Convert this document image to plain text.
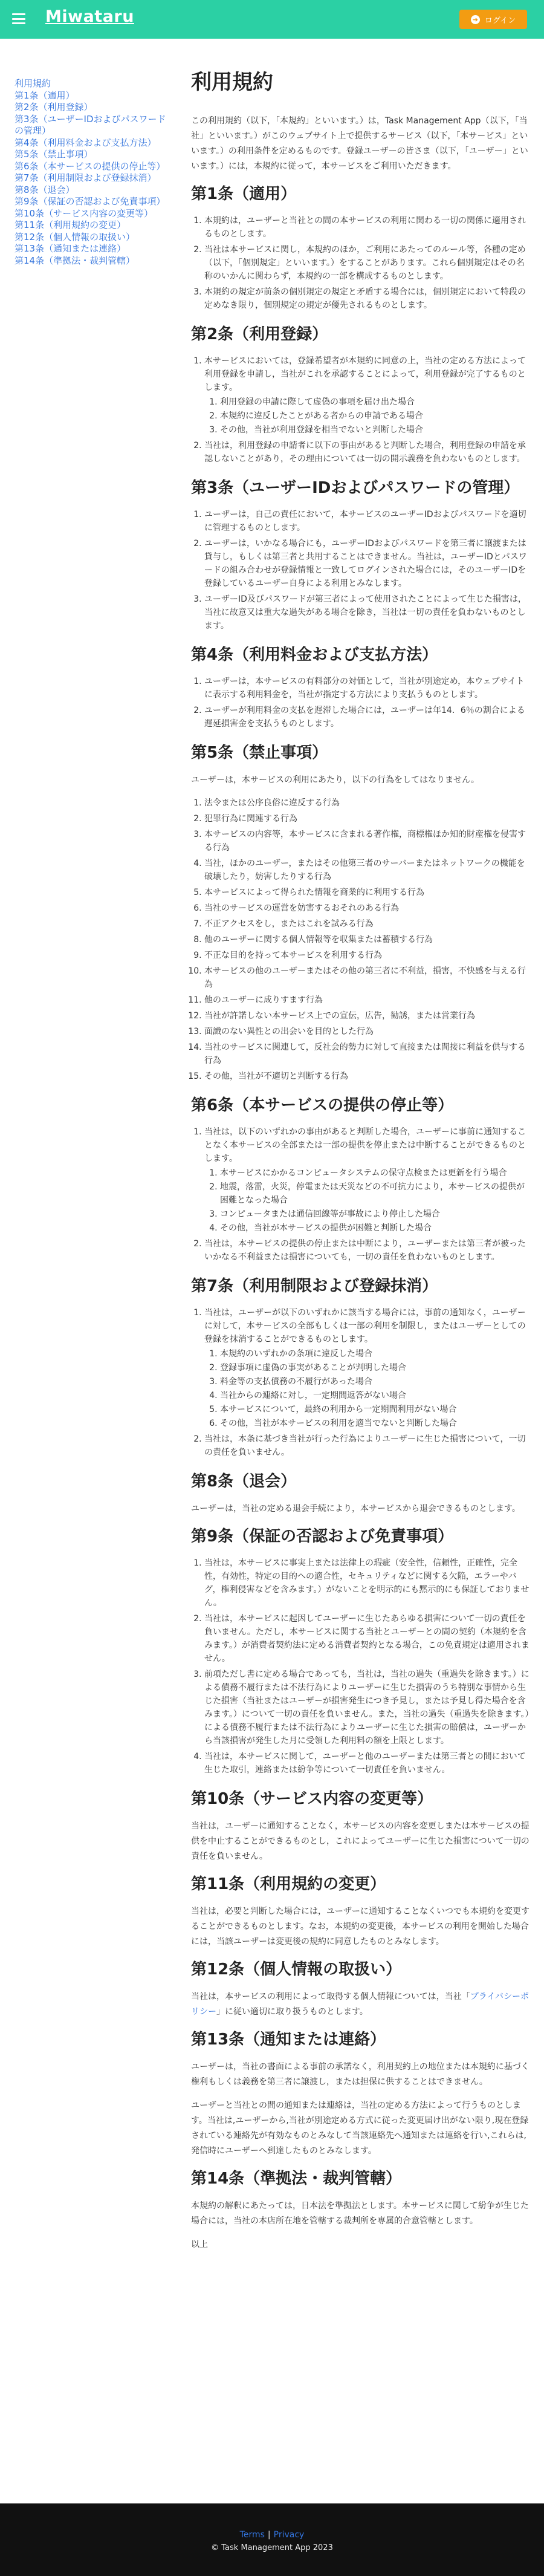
Miwataru	➜ ログイン
利用規約
第1条（適用）
第2条（利用登録）
第3条（ユーザーIDおよびパスワードの管理）
第4条（利用料金および支払方法）
第5条（禁止事項）
第6条（本サービスの提供の停止等）
第7条（利用制限および登録抹消）
第8条（退会）
第9条（保証の否認および免責事項）
第10条（サービス内容の変更等）
第11条（利用規約の変更）
第12条（個人情報の取扱い）
第13条（通知または連絡）
第14条（準拠法・裁判管轄）
利用規約

この利用規約（以下，「本規約」といいます。）は，Task Management App（以下，「当社」といいます。）がこのウェブサイト上で提供するサービス（以下，「本サービス」といいます。）の利用条件を定めるものです。登録ユーザーの皆さま（以下，「ユーザー」といいます。）には，本規約に従って，本サービスをご利用いただきます。

第1条（適用）
1. 本規約は，ユーザーと当社との間の本サービスの利用に関わる一切の関係に適用されるものとします。
2. 当社は本サービスに関し，本規約のほか，ご利用にあたってのルール等，各種の定め（以下，「個別規定」といいます。）をすることがあります。これら個別規定はその名称のいかんに関わらず，本規約の一部を構成するものとします。
3. 本規約の規定が前条の個別規定の規定と矛盾する場合には，個別規定において特段の定めなき限り，個別規定の規定が優先されるものとします。
第2条（利用登録）
1. 本サービスにおいては，登録希望者が本規約に同意の上，当社の定める方法によって利用登録を申請し，当社がこれを承認することによって，利用登録が完了するものとします。
1. 利用登録の申請に際して虚偽の事項を届け出た場合
2. 本規約に違反したことがある者からの申請である場合
3. その他，当社が利用登録を相当でないと判断した場合
2. 当社は，利用登録の申請者に以下の事由があると判断した場合，利用登録の申請を承認しないことがあり，その理由については一切の開示義務を負わないものとします。
第3条（ユーザーIDおよびパスワードの管理）
1. ユーザーは，自己の責任において，本サービスのユーザーIDおよびパスワードを適切に管理するものとします。
2. ユーザーは，いかなる場合にも，ユーザーIDおよびパスワードを第三者に譲渡または貸与し，もしくは第三者と共用することはできません。当社は，ユーザーIDとパスワードの組み合わせが登録情報と一致してログインされた場合には，そのユーザーIDを登録しているユーザー自身による利用とみなします。
3. ユーザーID及びパスワードが第三者によって使用されたことによって生じた損害は，当社に故意又は重大な過失がある場合を除き，当社は一切の責任を負わないものとします。
第4条（利用料金および支払方法）
1. ユーザーは，本サービスの有料部分の対価として，当社が別途定め，本ウェブサイトに表示する利用料金を，当社が指定する方法により支払うものとします。
2. ユーザーが利用料金の支払を遅滞した場合には，ユーザーは年14．6％の割合による遅延損害金を支払うものとします。
第5条（禁止事項）

ユーザーは，本サービスの利用にあたり，以下の行為をしてはなりません。

1. 法令または公序良俗に違反する行為
2. 犯罪行為に関連する行為
3. 本サービスの内容等，本サービスに含まれる著作権，商標権ほか知的財産権を侵害する行為
4. 当社，ほかのユーザー，またはその他第三者のサーバーまたはネットワークの機能を破壊したり，妨害したりする行為
5. 本サービスによって得られた情報を商業的に利用する行為
6. 当社のサービスの運営を妨害するおそれのある行為
7. 不正アクセスをし，またはこれを試みる行為
8. 他のユーザーに関する個人情報等を収集または蓄積する行為
9. 不正な目的を持って本サービスを利用する行為
10. 本サービスの他のユーザーまたはその他の第三者に不利益，損害，不快感を与える行為
11. 他のユーザーに成りすます行為
12. 当社が許諾しない本サービス上での宣伝，広告，勧誘，または営業行為
13. 面識のない異性との出会いを目的とした行為
14. 当社のサービスに関連して，反社会的勢力に対して直接または間接に利益を供与する行為
15. その他，当社が不適切と判断する行為
第6条（本サービスの提供の停止等）
1. 当社は，以下のいずれかの事由があると判断した場合，ユーザーに事前に通知することなく本サービスの全部または一部の提供を停止または中断することができるものとします。
1. 本サービスにかかるコンピュータシステムの保守点検または更新を行う場合
2. 地震，落雷，火災，停電または天災などの不可抗力により，本サービスの提供が困難となった場合
3. コンピュータまたは通信回線等が事故により停止した場合
4. その他，当社が本サービスの提供が困難と判断した場合
2. 当社は，本サービスの提供の停止または中断により，ユーザーまたは第三者が被ったいかなる不利益または損害についても，一切の責任を負わないものとします。
第7条（利用制限および登録抹消）
1. 当社は，ユーザーが以下のいずれかに該当する場合には，事前の通知なく，ユーザーに対して，本サービスの全部もしくは一部の利用を制限し，またはユーザーとしての登録を抹消することができるものとします。
1. 本規約のいずれかの条項に違反した場合
2. 登録事項に虚偽の事実があることが判明した場合
3. 料金等の支払債務の不履行があった場合
4. 当社からの連絡に対し，一定期間返答がない場合
5. 本サービスについて，最終の利用から一定期間利用がない場合
6. その他，当社が本サービスの利用を適当でないと判断した場合
2. 当社は，本条に基づき当社が行った行為によりユーザーに生じた損害について，一切の責任を負いません。
第8条（退会）

ユーザーは，当社の定める退会手続により，本サービスから退会できるものとします。

第9条（保証の否認および免責事項）
1. 当社は，本サービスに事実上または法律上の瑕疵（安全性，信頼性，正確性，完全性，有効性，特定の目的への適合性，セキュリティなどに関する欠陥，エラーやバグ，権利侵害などを含みます。）がないことを明示的にも黙示的にも保証しておりません。
2. 当社は，本サービスに起因してユーザーに生じたあらゆる損害について一切の責任を負いません。ただし，本サービスに関する当社とユーザーとの間の契約（本規約を含みます。）が消費者契約法に定める消費者契約となる場合，この免責規定は適用されません。
3. 前項ただし書に定める場合であっても，当社は，当社の過失（重過失を除きます。）による債務不履行または不法行為によりユーザーに生じた損害のうち特別な事情から生じた損害（当社またはユーザーが損害発生につき予見し，または予見し得た場合を含みます。）について一切の責任を負いません。また，当社の過失（重過失を除きます。）による債務不履行または不法行為によりユーザーに生じた損害の賠償は，ユーザーから当該損害が発生した月に受領した利用料の額を上限とします。
4. 当社は，本サービスに関して，ユーザーと他のユーザーまたは第三者との間において生じた取引，連絡または紛争等について一切責任を負いません。
第10条（サービス内容の変更等）

当社は，ユーザーに通知することなく，本サービスの内容を変更しまたは本サービスの提供を中止することができるものとし，これによってユーザーに生じた損害について一切の責任を負いません。

第11条（利用規約の変更）

当社は，必要と判断した場合には，ユーザーに通知することなくいつでも本規約を変更することができるものとします。なお，本規約の変更後，本サービスの利用を開始した場合には，当該ユーザーは変更後の規約に同意したものとみなします。

第12条（個人情報の取扱い）

当社は，本サービスの利用によって取得する個人情報については，当社「プライバシーポリシー」に従い適切に取り扱うものとします。

第13条（通知または連絡）

ユーザーは，当社の書面による事前の承諾なく，利用契約上の地位または本規約に基づく権利もしくは義務を第三者に譲渡し，または担保に供することはできません。

ユーザーと当社との間の通知または連絡は，当社の定める方法によって行うものとします。当社は,ユーザーから,当社が別途定める方式に従った変更届け出がない限り,現在登録されている連絡先が有効なものとみなして当該連絡先へ通知または連絡を行い,これらは,発信時にユーザーへ到達したものとみなします。

第14条（準拠法・裁判管轄）

本規約の解釈にあたっては，日本法を準拠法とします。本サービスに関して紛争が生じた場合には，当社の本店所在地を管轄する裁判所を専属的合意管轄とします。

以上

Terms | Privacy
© Task Management App 2023
